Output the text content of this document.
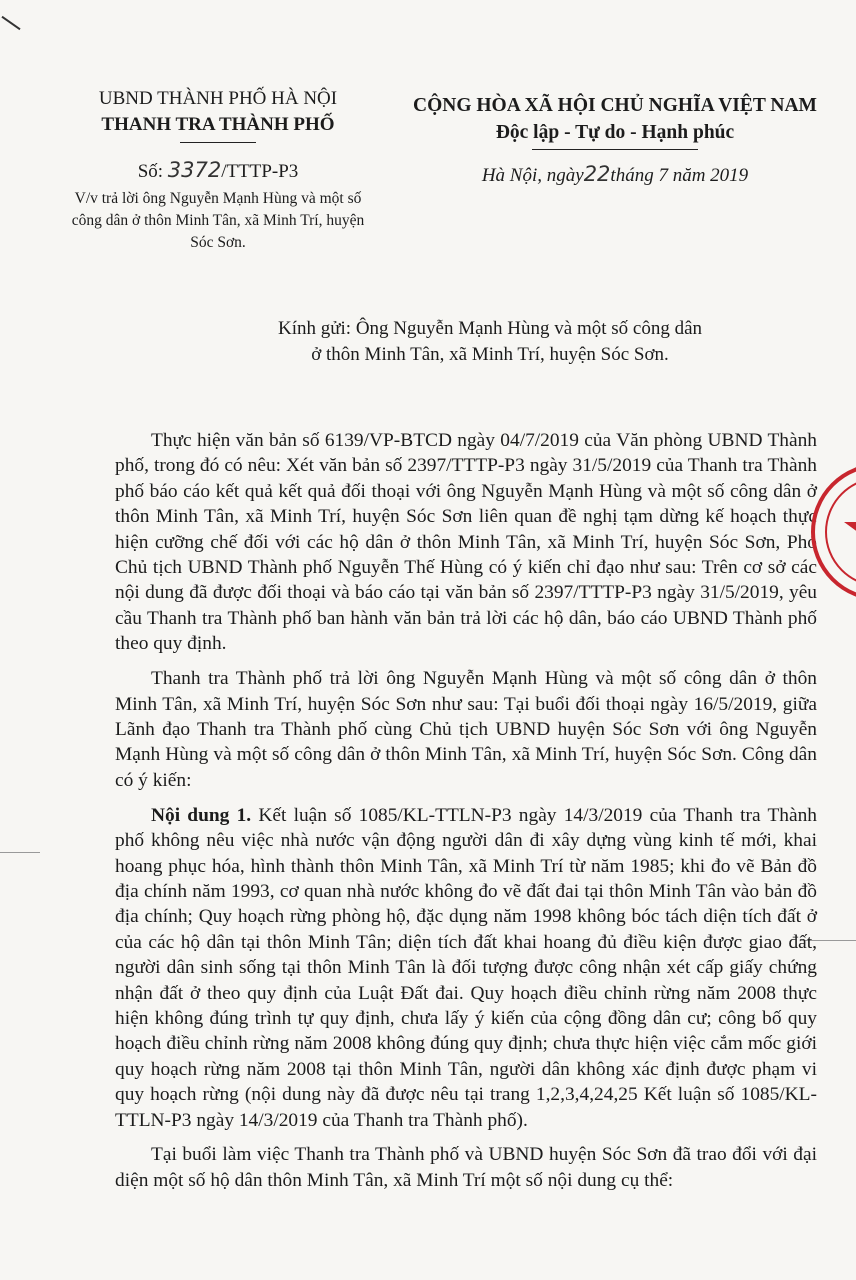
UBND THÀNH PHỐ HÀ NỘI
THANH TRA THÀNH PHỐ
CỘNG HÒA XÃ HỘI CHỦ NGHĨA VIỆT NAM
Độc lập - Tự do - Hạnh phúc
Số: 3372/TTTP-P3
V/v trả lời ông Nguyễn Mạnh Hùng và một số công dân ở thôn Minh Tân, xã Minh Trí, huyện Sóc Sơn.
Hà Nội, ngày22tháng 7 năm 2019
Kính gửi: Ông Nguyễn Mạnh Hùng và một số công dân
ở thôn Minh Tân, xã Minh Trí, huyện Sóc Sơn.

Thực hiện văn bản số 6139/VP-BTCD ngày 04/7/2019 của Văn phòng UBND Thành phố, trong đó có nêu: Xét văn bản số 2397/TTTP-P3 ngày 31/5/2019 của Thanh tra Thành phố báo cáo kết quả kết quả đối thoại với ông Nguyễn Mạnh Hùng và một số công dân ở thôn Minh Tân, xã Minh Trí, huyện Sóc Sơn liên quan đề nghị tạm dừng kế hoạch thực hiện cưỡng chế đối với các hộ dân ở thôn Minh Tân, xã Minh Trí, huyện Sóc Sơn, Phó Chủ tịch UBND Thành phố Nguyễn Thế Hùng có ý kiến chỉ đạo như sau: Trên cơ sở các nội dung đã được đối thoại và báo cáo tại văn bản số 2397/TTTP-P3 ngày 31/5/2019, yêu cầu Thanh tra Thành phố ban hành văn bản trả lời các hộ dân, báo cáo UBND Thành phố theo quy định.

Thanh tra Thành phố trả lời ông Nguyễn Mạnh Hùng và một số công dân ở thôn Minh Tân, xã Minh Trí, huyện Sóc Sơn như sau: Tại buổi đối thoại ngày 16/5/2019, giữa Lãnh đạo Thanh tra Thành phố cùng Chủ tịch UBND huyện Sóc Sơn với ông Nguyễn Mạnh Hùng và một số công dân ở thôn Minh Tân, xã Minh Trí, huyện Sóc Sơn. Công dân có ý kiến:

Nội dung 1. Kết luận số 1085/KL-TTLN-P3 ngày 14/3/2019 của Thanh tra Thành phố không nêu việc nhà nước vận động người dân đi xây dựng vùng kinh tế mới, khai hoang phục hóa, hình thành thôn Minh Tân, xã Minh Trí từ năm 1985; khi đo vẽ Bản đồ địa chính năm 1993, cơ quan nhà nước không đo vẽ đất đai tại thôn Minh Tân vào bản đồ địa chính; Quy hoạch rừng phòng hộ, đặc dụng năm 1998 không bóc tách diện tích đất ở của các hộ dân tại thôn Minh Tân; diện tích đất khai hoang đủ điều kiện được giao đất, người dân sinh sống tại thôn Minh Tân là đối tượng được công nhận xét cấp giấy chứng nhận đất ở theo quy định của Luật Đất đai. Quy hoạch điều chỉnh rừng năm 2008 thực hiện không đúng trình tự quy định, chưa lấy ý kiến của cộng đồng dân cư; công bố quy hoạch điều chỉnh rừng năm 2008 không đúng quy định; chưa thực hiện việc cắm mốc giới quy hoạch rừng năm 2008 tại thôn Minh Tân, người dân không xác định được phạm vi quy hoạch rừng (nội dung này đã được nêu tại trang 1,2,3,4,24,25 Kết luận số 1085/KL-TTLN-P3 ngày 14/3/2019 của Thanh tra Thành phố).

Tại buổi làm việc Thanh tra Thành phố và UBND huyện Sóc Sơn đã trao đổi với đại diện một số hộ dân thôn Minh Tân, xã Minh Trí một số nội dung cụ thể:
